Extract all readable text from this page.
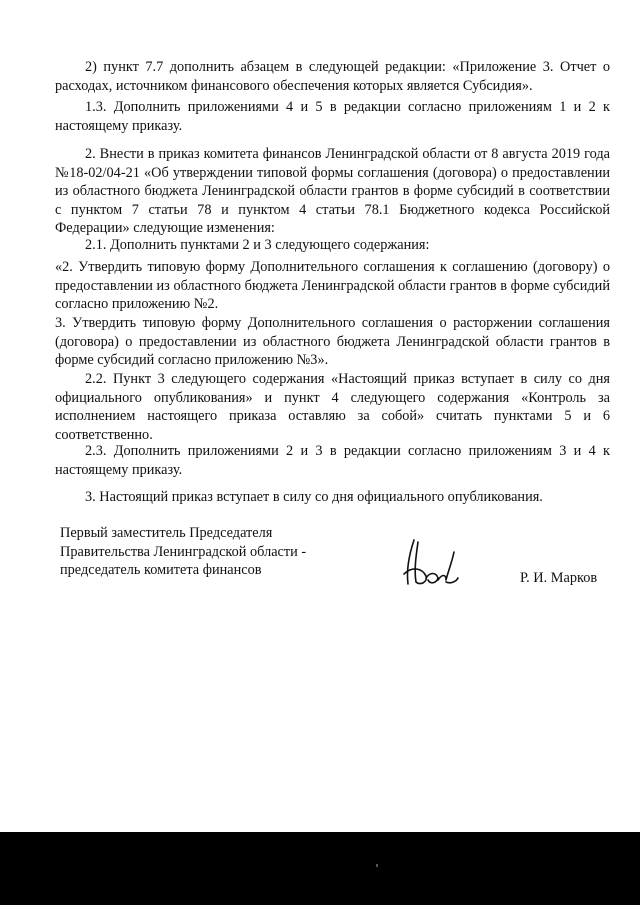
2) пункт 7.7 дополнить абзацем в следующей редакции: «Приложение 3. Отчет о расходах, источником финансового обеспечения которых является Субсидия».

1.3. Дополнить приложениями 4 и 5 в редакции согласно приложениям 1 и 2 к настоящему приказу.

2. Внести в приказ комитета финансов Ленинградской области от 8 августа 2019 года №18-02/04-21 «Об утверждении типовой формы соглашения (договора) о предоставлении из областного бюджета Ленинградской области грантов в форме субсидий в соответствии с пунктом 7 статьи 78 и пунктом 4 статьи 78.1 Бюджетного кодекса Российской Федерации» следующие изменения:

2.1. Дополнить пунктами 2 и 3 следующего содержания:

«2. Утвердить типовую форму Дополнительного соглашения к соглашению (договору) о предоставлении из областного бюджета Ленинградской области грантов в форме субсидий согласно приложению №2.

3. Утвердить типовую форму Дополнительного соглашения о расторжении соглашения (договора) о предоставлении из областного бюджета Ленинградской области грантов в форме субсидий согласно приложению №3».

2.2. Пункт 3 следующего содержания «Настоящий приказ вступает в силу со дня официального опубликования» и пункт 4 следующего содержания «Контроль за исполнением настоящего приказа оставляю за собой» считать пунктами 5 и 6 соответственно.

2.3. Дополнить приложениями 2 и 3 в редакции согласно приложениям 3 и 4 к настоящему приказу.

3. Настоящий приказ вступает в силу со дня официального опубликования.

Первый заместитель Председателя
Правительства Ленинградской области -
председатель комитета финансов	Р. И. Марков
